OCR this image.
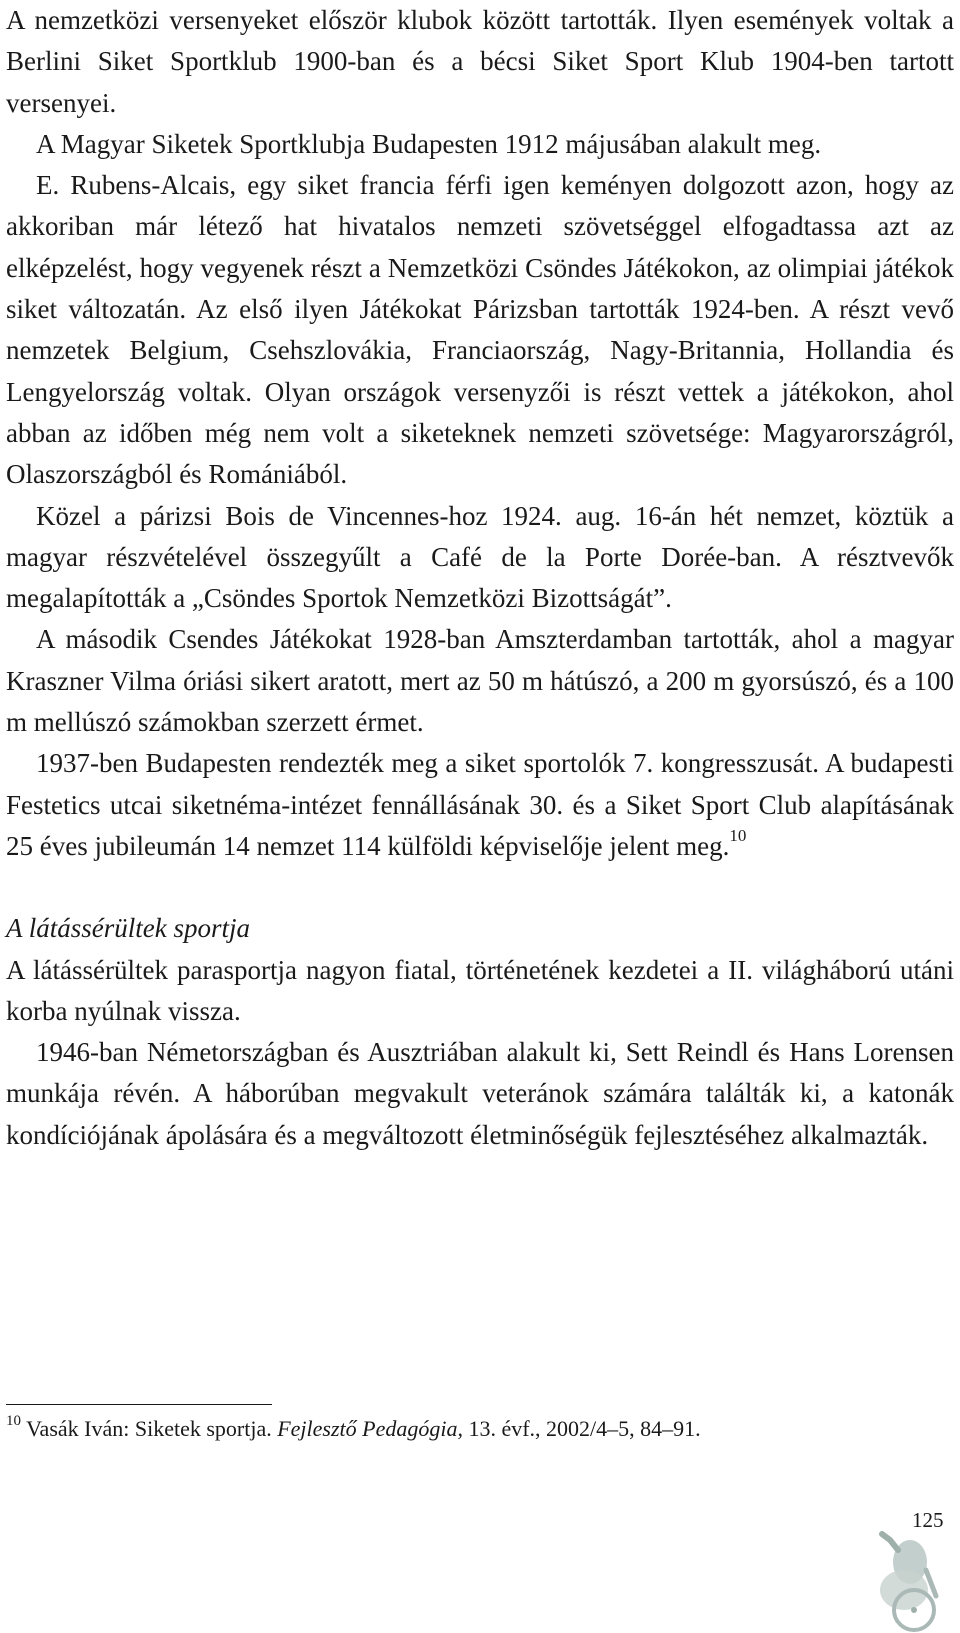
A nemzetközi versenyeket először klubok között tartották. Ilyen események voltak a Berlini Siket Sportklub 1900-ban és a bécsi Siket Sport Klub 1904-ben tartott versenyei.

A Magyar Siketek Sportklubja Budapesten 1912 májusában alakult meg.

E. Rubens-Alcais, egy siket francia férfi igen keményen dolgozott azon, hogy az akkoriban már létező hat hivatalos nemzeti szövetséggel elfogadtassa azt az elképzelést, hogy vegyenek részt a Nemzetközi Csöndes Játékokon, az olimpiai játékok siket változatán. Az első ilyen Játékokat Párizsban tartották 1924-ben. A részt vevő nemzetek Belgium, Csehszlovákia, Franciaország, Nagy-Britannia, Hollandia és Lengyelország voltak. Olyan országok versenyzői is részt vettek a játékokon, ahol abban az időben még nem volt a siketeknek nemzeti szövetsége: Magyarországról, Olaszországból és Romániából.

Közel a párizsi Bois de Vincennes-hoz 1924. aug. 16-án hét nemzet, köztük a magyar részvételével összegyűlt a Café de la Porte Dorée-ban. A résztvevők megalapították a „Csöndes Sportok Nemzetközi Bizottságát”.

A második Csendes Játékokat 1928-ban Amszterdamban tartották, ahol a magyar Kraszner Vilma óriási sikert aratott, mert az 50 m hátúszó, a 200 m gyorsúszó, és a 100 m mellúszó számokban szerzett érmet.

1937-ben Budapesten rendezték meg a siket sportolók 7. kongresszusát. A budapesti Festetics utcai siketnéma-intézet fennállásának 30. és a Siket Sport Club alapításának 25 éves jubileumán 14 nemzet 114 külföldi képviselője jelent meg.$^{10}$

A látássérültek sportja

A látássérültek parasportja nagyon fiatal, történetének kezdetei a II. világháború utáni korba nyúlnak vissza.

1946-ban Németországban és Ausztriában alakult ki, Sett Reindl és Hans Lorensen munkája révén. A háborúban megvakult veteránok számára találták ki, a katonák kondíciójának ápolására és a megváltozott életminőségük fejlesztéséhez alkalmazták.

$^{10}$ Vasák Iván: Siketek sportja. Fejlesztő Pedagógia, 13. évf., 2002/4–5, 84–91.
125
